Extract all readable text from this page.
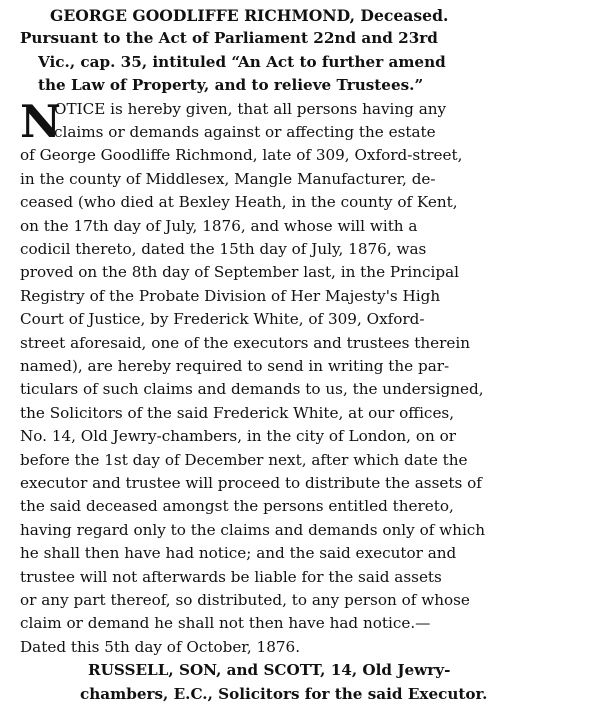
GEORGE GOODLIFFE RICHMOND, Deceased.
Pursuant to the Act of Parliament 22nd and 23rd
Vic., cap. 35, intituled “An Act to further amend
the Law of Property, and to relieve Trustees.”
N
OTICE is hereby given, that all persons having any
claims or demands against or affecting the estate
of George Goodliffe Richmond, late of 309, Oxford-street,
in the county of Middlesex, Mangle Manufacturer, de-
ceased (who died at Bexley Heath, in the county of Kent,
on the 17th day of July, 1876, and whose will with a
codicil thereto, dated the 15th day of July, 1876, was
proved on the 8th day of September last, in the Principal
Registry of the Probate Division of Her Majesty's High
Court of Justice, by Frederick White, of 309, Oxford-
street aforesaid, one of the executors and trustees therein
named), are hereby required to send in writing the par-
ticulars of such claims and demands to us, the undersigned,
the Solicitors of the said Frederick White, at our offices,
No. 14, Old Jewry-chambers, in the city of London, on or
before the 1st day of December next, after which date the
executor and trustee will proceed to distribute the assets of
the said deceased amongst the persons entitled thereto,
having regard only to the claims and demands only of which
he shall then have had notice; and the said executor and
trustee will not afterwards be liable for the said assets
or any part thereof, so distributed, to any person of whose
claim or demand he shall not then have had notice.—
Dated this 5th day of October, 1876.
RUSSELL, SON, and SCOTT, 14, Old Jewry-
chambers, E.C., Solicitors for the said Executor.
